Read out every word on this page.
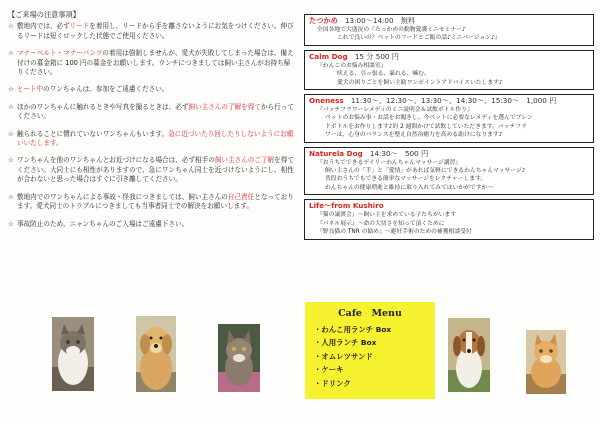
【ご来場の注意事項】
☆ 敷地内では、必ずリードを着用し、リードから手を離さないようにお気をつけください。伸びるリードは短くロックした状態でご使用ください。
☆ マナーベルト・マナーパンツの着用は強制しませんが、愛犬が失敗してしまった場合は、備え付けの募金箱に 100 円の募金をお願いします。ウンチにつきましては飼い主さんがお持ち帰りください。
☆ ヒート中のワンちゃんは、参加をご遠慮ください。
☆ ほかのワンちゃんに触れるときや写真を撮るときは、必ず飼い主さんの了解を得てから行ってください。
☆ 触られることに慣れていないワンちゃんもいます。急に近づいたり回したりしないようにお願いいたします。
☆ ワンちゃんを他のワンちゃんとお近づけになる場合は、必ず相手の飼い主さんのご了解を得てください。大同士にも相性がありますので、急にワンちゃん同士を近づけないようにし、相性が合わないと思った場合はすぐに引き離してください。
☆ 敷地内でのワンちゃんによる事故・怪我につきましては、飼い主さんの自己責任となっております。愛犬同士のトラブルにつきましても当事者同士での解決をお願いします。
☆ 事故防止のため、ニャンちゃんのご入場はご遠慮下さい。
たつかめ　 13:00～14:00　無料
全国各地で大盛況の『たっかめの動物愛護ミニセミナー♪
これで良いの？ペットのフードとご飯の話♪ミニバージョン♪』
Calm Dog　 15 分 500 円
『わんこのお悩み相談室』
吠える、引っ張る、暴れる、噛む。
愛犬の困りごとを飼い主勧ワンポイントアドバイスいたします♪
Oneness　 11:30～、12:30～、13:30～、14:30～、15:30～　1,000 円
『バッチフラワーレメディのミニ説明会＆試飲ボトル作り』
ペットのお悩み事・お話をお聞きし、今ペットに必要なレメディを選んでブレン
ドボトルをお作りします♪約 2 週間かけて試飲していただきます。バッチフラ
ワーは、心身のバランスを整え自然治癒力を高める助けになります♪
Naturela Dog　 14:30～　500 円
『おうちでできるデイリーわんちゃんマッサージ講習』
飼い主さんの「手」と「愛情」があれば気軽にできるわんちゃんマッサージ♪
普段おうちでもできる簡単なマッサージをレクチャーします。
わんちゃんの健康増進と維持に取り入れてみてはいかがですか～
Life～from Kushiro　
『猫の譲渡会』～飼い主を求めている子たちがいます
『パネル展示』～命の大切さを知って頂くために
『野良猫の TNR の勧め』～避妊手術のための補獲相談受付
Cafe　Menu
・わんこ用ランチ Box
・人用ランチ Box
・オムレツサンド
・ケーキ
・ドリンク
